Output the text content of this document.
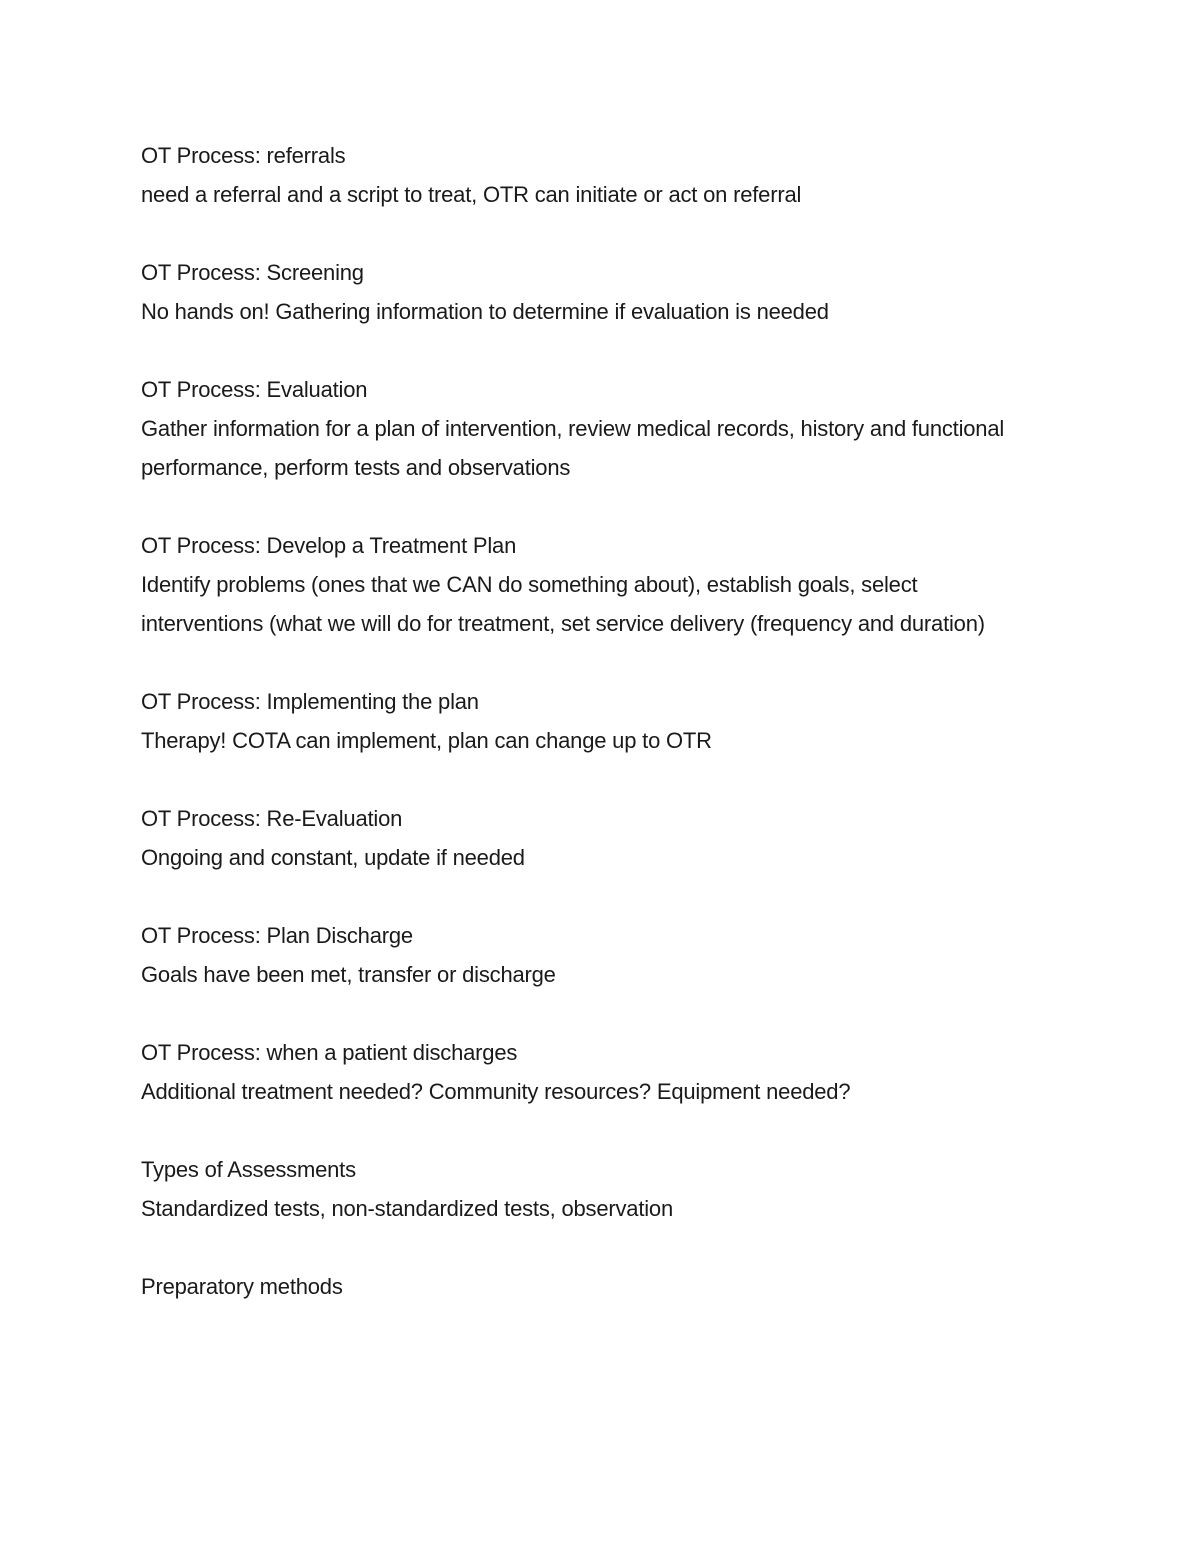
OT Process: referrals

need a referral and a script to treat, OTR can initiate or act on referral

OT Process: Screening

No hands on! Gathering information to determine if evaluation is needed

OT Process: Evaluation

Gather information for a plan of intervention, review medical records, history and functional performance, perform tests and observations

OT Process: Develop a Treatment Plan

Identify problems (ones that we CAN do something about), establish goals, select interventions (what we will do for treatment, set service delivery (frequency and duration)

OT Process: Implementing the plan

Therapy! COTA can implement, plan can change up to OTR

OT Process: Re-Evaluation

Ongoing and constant, update if needed

OT Process: Plan Discharge

Goals have been met, transfer or discharge

OT Process: when a patient discharges

Additional treatment needed? Community resources? Equipment needed?

Types of Assessments

Standardized tests, non-standardized tests, observation

Preparatory methods
